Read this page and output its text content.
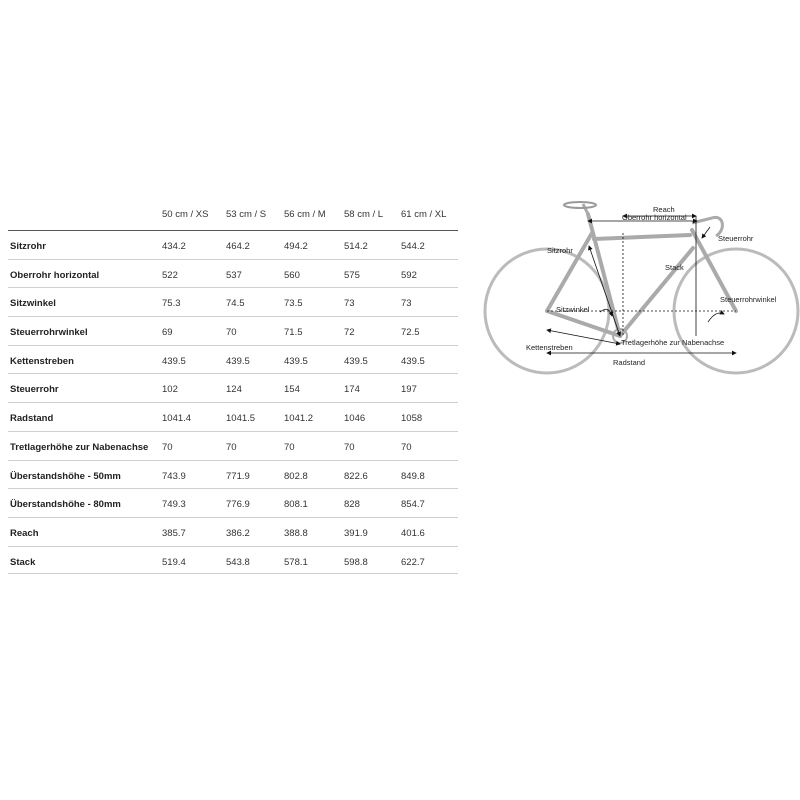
50 cm / XS 53 cm / S 56 cm / M 58 cm / L 61 cm / XL
Sitzrohr	434.2	464.2	494.2	514.2	544.2
Oberrohr horizontal	522	537	560	575	592
Sitzwinkel	75.3	74.5	73.5	73	73
Steuerrohrwinkel	69	70	71.5	72	72.5
Kettenstreben	439.5	439.5	439.5	439.5	439.5
Steuerrohr	102	124	154	174	197
Radstand	1041.4	1041.5	1041.2	1046	1058
Tretlagerhöhe zur Nabenachse 70	70	70	70	70
Überstandshöhe - 50mm	743.9	771.9	802.8	822.6	849.8
Überstandshöhe - 80mm	749.3	776.9	808.1	828	854.7
Reach	385.7	386.2	388.8	391.9	401.6
Stack	519.4	543.8	578.1	598.8	622.7
Reach
Oberrohr horizontal
Sitzrohr
Steuerrohr
Stack
Sitzwinkel
Steuerrohrwinkel
Kettenstreben
Tretlagerhöhe zur Nabenachse
Radstand
